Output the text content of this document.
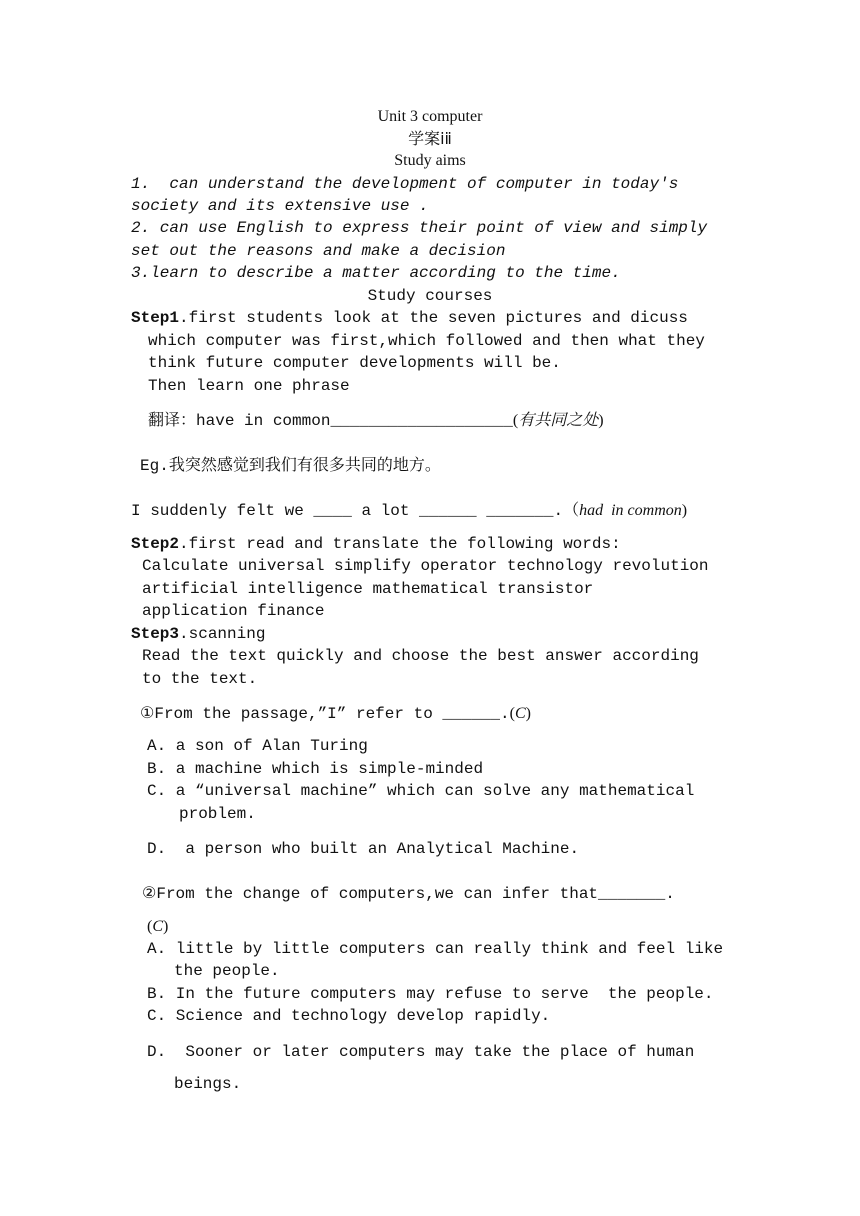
Unit 3 computer
学案ⅰⅱ
Study aims
1.  can understand the development of computer in today's
society and its extensive use .
2. can use English to express their point of view and simply
set out the reasons and make a decision
3.learn to describe a matter according to the time.
Study courses
Step1.first students look at the seven pictures and dicuss
which computer was first,which followed and then what they
think future computer developments will be.
Then learn one phrase
翻译：have in common___________________(有共同之处)
Eg.我突然感觉到我们有很多共同的地方。
I suddenly felt we ____ a lot ______ _______.（had  in common)
Step2.first read and translate the following words:
Calculate universal simplify operator technology revolution
artificial intelligence mathematical transistor
application finance
Step3.scanning
Read the text quickly and choose the best answer according
to the text.
①From the passage,”I” refer to ______.(C)
A. a son of Alan Turing
B. a machine which is simple-minded
C. a “universal machine” which can solve any mathematical
problem.
D.  a person who built an Analytical Machine.
②From the change of computers,we can infer that_______.
(C)
A. little by little computers can really think and feel like
the people.
B. In the future computers may refuse to serve  the people.
C. Science and technology develop rapidly.
D.  Sooner or later computers may take the place of human
beings.
